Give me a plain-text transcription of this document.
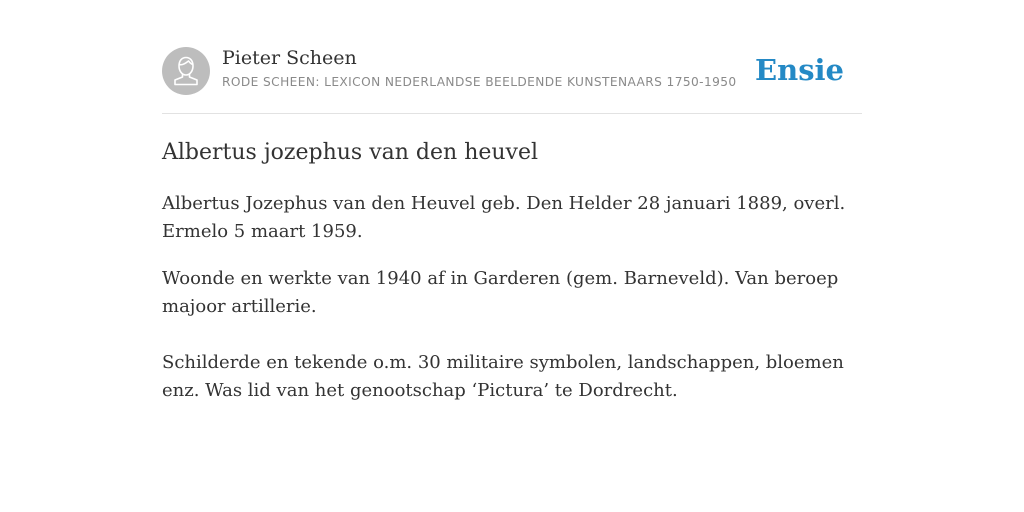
Pieter Scheen
RODE SCHEEN: LEXICON NEDERLANDSE BEELDENDE KUNSTENAARS 1750-1950 Ensie
Albertus jozephus van den heuvel

Albertus Jozephus van den Heuvel geb. Den Helder 28 januari 1889, overl. Ermelo 5 maart 1959.

Woonde en werkte van 1940 af in Garderen (gem. Barneveld). Van beroep majoor artillerie.

Schilderde en tekende o.m. 30 militaire symbolen, landschappen, bloemen enz. Was lid van het genootschap ‘Pictura’ te Dordrecht.
